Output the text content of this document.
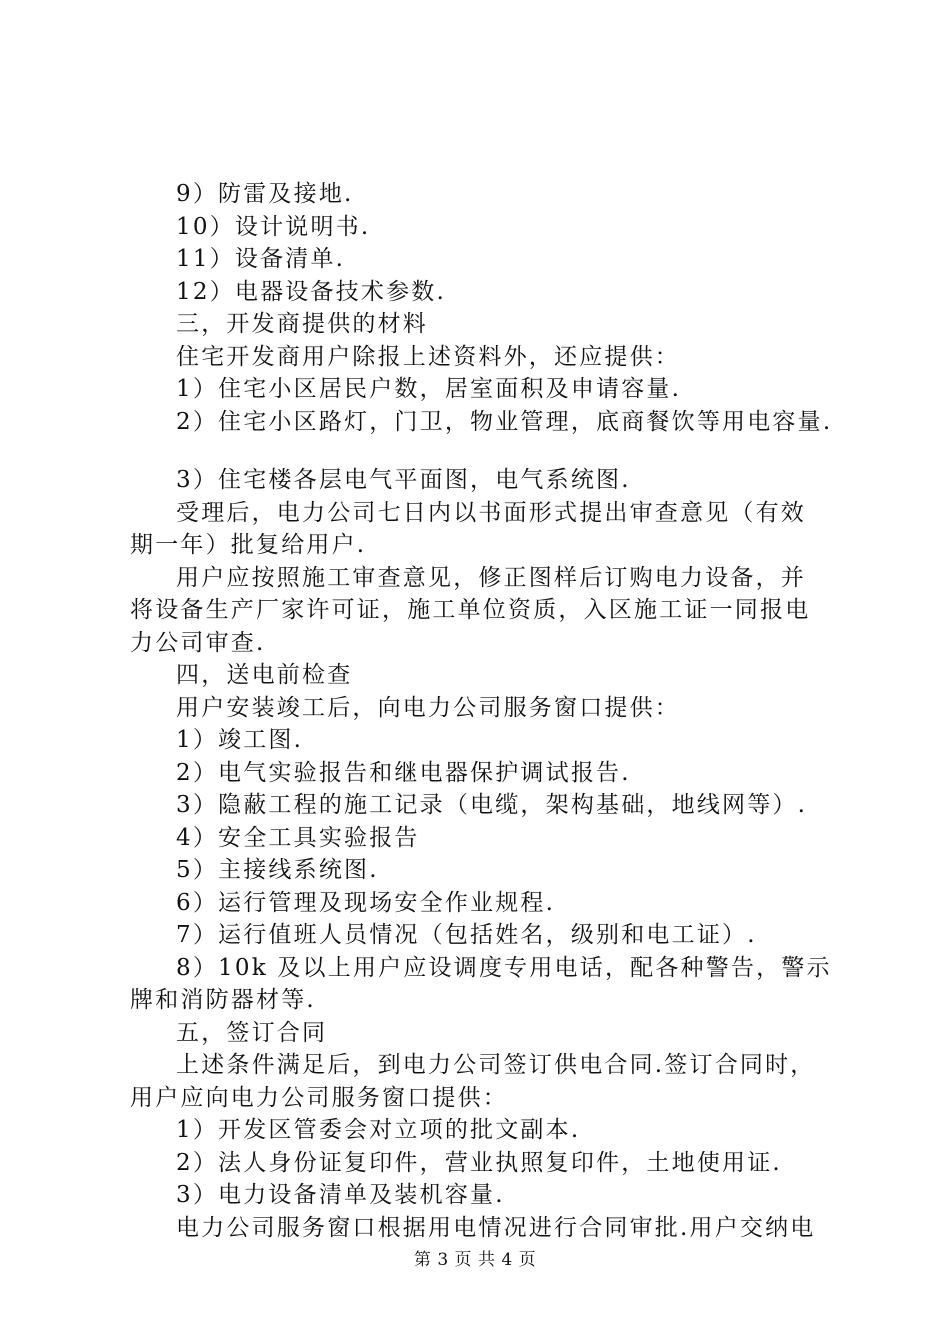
9）防雷及接地.
10）设计说明书.
11）设备清单.
12）电器设备技术参数.
三，开发商提供的材料
住宅开发商用户除报上述资料外，还应提供：
1）住宅小区居民户数，居室面积及申请容量.
2）住宅小区路灯，门卫，物业管理，底商餐饮等用电容量.
3）住宅楼各层电气平面图，电气系统图.
受理后，电力公司七日内以书面形式提出审查意见（有效
期一年）批复给用户.
用户应按照施工审查意见，修正图样后订购电力设备，并
将设备生产厂家许可证，施工单位资质，入区施工证一同报电
力公司审查.
四，送电前检查
用户安装竣工后，向电力公司服务窗口提供：
1）竣工图.
2）电气实验报告和继电器保护调试报告.
3）隐蔽工程的施工记录（电缆，架构基础，地线网等）.
4）安全工具实验报告
5）主接线系统图.
6）运行管理及现场安全作业规程.
7）运行值班人员情况（包括姓名，级别和电工证）.
8）10k 及以上用户应设调度专用电话，配各种警告，警示
牌和消防器材等.
五，签订合同
上述条件满足后，到电力公司签订供电合同.签订合同时，
用户应向电力公司服务窗口提供：
1）开发区管委会对立项的批文副本.
2）法人身份证复印件，营业执照复印件，土地使用证.
3）电力设备清单及装机容量.
电力公司服务窗口根据用电情况进行合同审批.用户交纳电
第 3 页 共 4 页
